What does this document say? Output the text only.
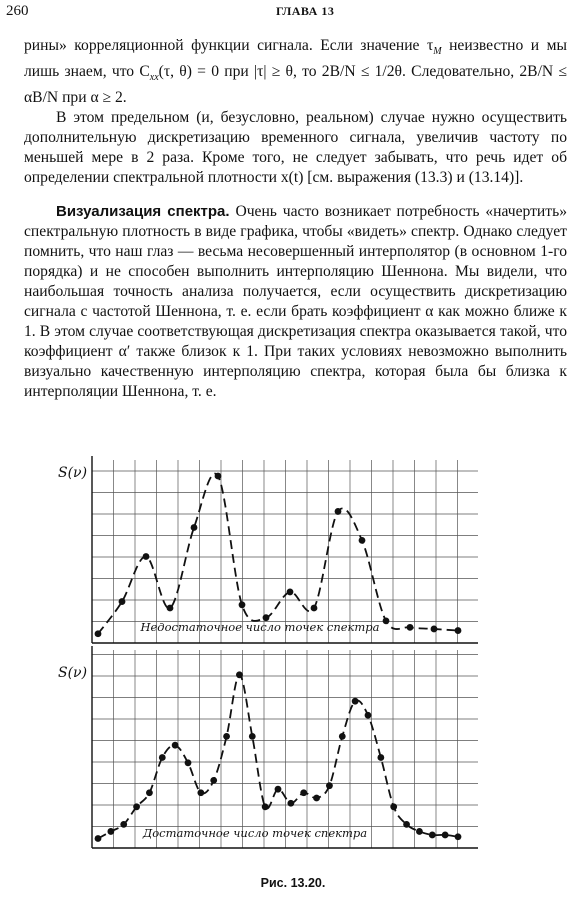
260	ГЛАВА 13

рины» корреляционной функции сигнала. Если значение $\tau_M$ неизвестно и мы лишь знаем, что $C_{xx}(\tau$, θ) = 0 при |τ| ≥ θ, то 2B/N ≤ 1/2θ. Следовательно, 2B/N ≤ αB/N при α ≥ 2.

В этом предельном (и, безусловно, реальном) случае нужно осуществить дополнительную дискретизацию временного сигнала, увеличив частоту по меньшей мере в 2 раза. Кроме того, не следует забывать, что речь идет об определении спектральной плотности x(t) [см. выражения (13.3) и (13.14)].

Визуализация спектра. Очень часто возникает потребность «начертить» спектральную плотность в виде графика, чтобы «видеть» спектр. Однако следует помнить, что наш глаз — весьма несовершенный интерполятор (в основном 1-го порядка) и не способен выполнить интерполяцию Шеннона. Мы видели, что наибольшая точность анализа получается, если осуществить дискретизацию сигнала с частотой Шеннона, т. е. если брать коэффициент α как можно ближе к 1. В этом случае соответствующая дискретизация спектра оказывается такой, что коэффициент α′ также близок к 1. При таких условиях невозможно выполнить визуально качественную интерполяцию спектра, которая была бы близка к интерполяции Шеннона, т. е.

S(ν)
Недостаточное число точек спектра
S(ν)
Достаточное число точек спектра
Рис. 13.20.
